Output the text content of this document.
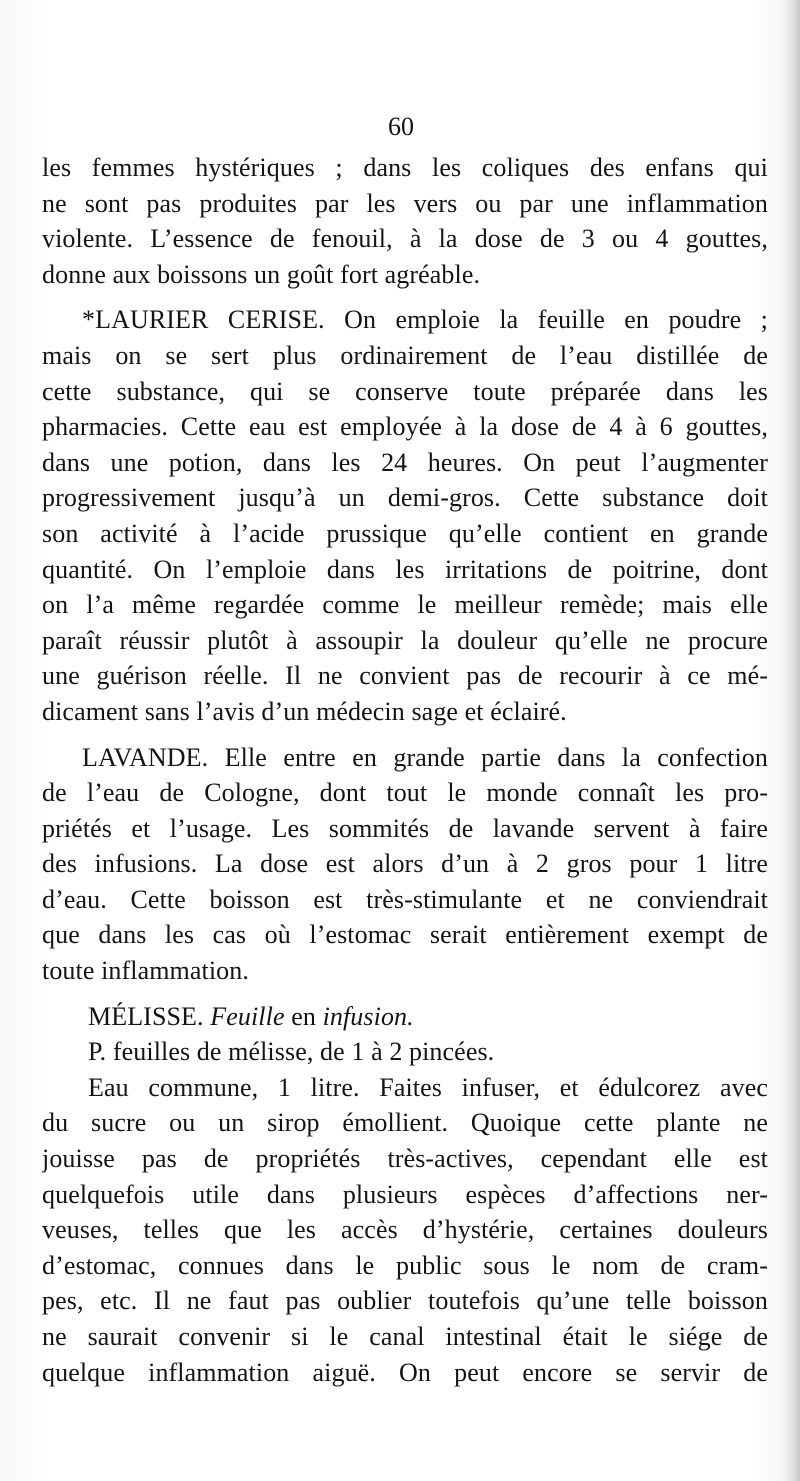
60
les femmes hystériques ; dans les coliques des enfans qui
ne sont pas produites par les vers ou par une inflammation
violente. L’essence de fenouil, à la dose de 3 ou 4 gouttes,
donne aux boissons un goût fort agréable.
*LAURIER CERISE. On emploie la feuille en poudre ;
mais on se sert plus ordinairement de l’eau distillée de
cette substance, qui se conserve toute préparée dans les
pharmacies. Cette eau est employée à la dose de 4 à 6 gouttes,
dans une potion, dans les 24 heures. On peut l’augmenter
progressivement jusqu’à un demi-gros. Cette substance doit
son activité à l’acide prussique qu’elle contient en grande
quantité. On l’emploie dans les irritations de poitrine, dont
on l’a même regardée comme le meilleur remède; mais elle
paraît réussir plutôt à assoupir la douleur qu’elle ne procure
une guérison réelle. Il ne convient pas de recourir à ce mé-
dicament sans l’avis d’un médecin sage et éclairé.
LAVANDE. Elle entre en grande partie dans la confection
de l’eau de Cologne, dont tout le monde connaît les pro-
priétés et l’usage. Les sommités de lavande servent à faire
des infusions. La dose est alors d’un à 2 gros pour 1 litre
d’eau. Cette boisson est très-stimulante et ne conviendrait
que dans les cas où l’estomac serait entièrement exempt de
toute inflammation.
MÉLISSE. Feuille en infusion.
P. feuilles de mélisse, de 1 à 2 pincées.
Eau commune, 1 litre. Faites infuser, et édulcorez avec
du sucre ou un sirop émollient. Quoique cette plante ne
jouisse pas de propriétés très-actives, cependant elle est
quelquefois utile dans plusieurs espèces d’affections ner-
veuses, telles que les accès d’hystérie, certaines douleurs
d’estomac, connues dans le public sous le nom de cram-
pes, etc. Il ne faut pas oublier toutefois qu’une telle boisson
ne saurait convenir si le canal intestinal était le siége de
quelque inflammation aiguë. On peut encore se servir de
